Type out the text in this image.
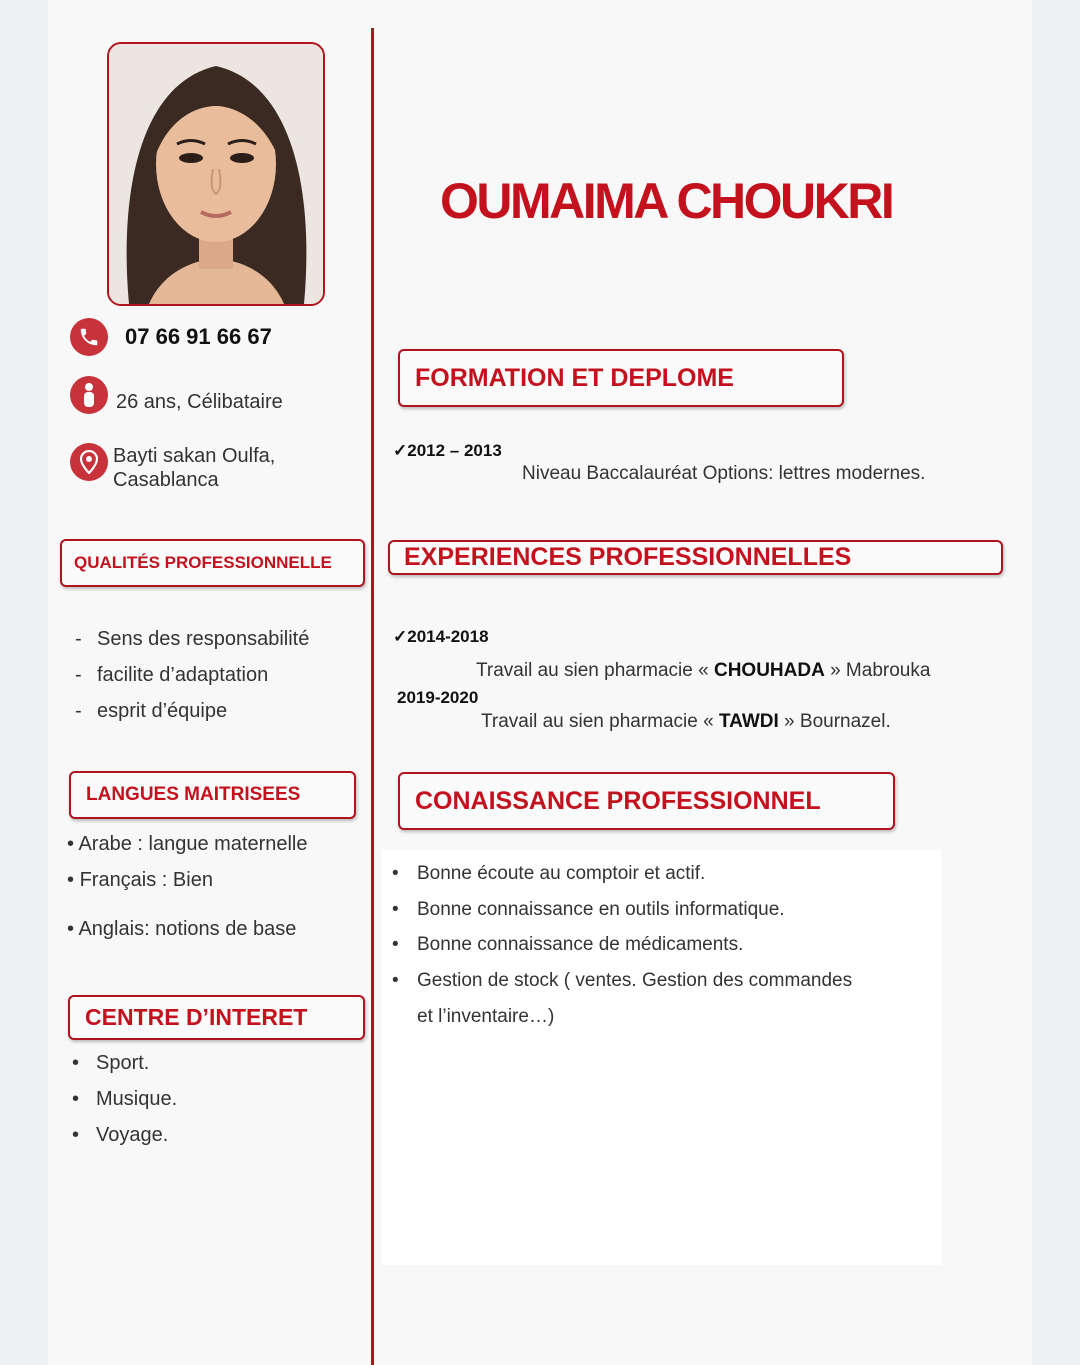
OUMAIMA CHOUKRI
07 66 91 66 67
26 ans, Célibataire
Bayti sakan Oulfa,
Casablanca
QUALITÉS PROFESSIONNELLE
- Sens des responsabilité
- facilite d’adaptation
- esprit d’équipe
LANGUES MAITRISEES
• Arabe : langue maternelle
• Français : Bien
• Anglais: notions de base
CENTRE D’INTERET
• Sport.
• Musique.
• Voyage.
FORMATION ET DEPLOME
✓2012 – 2013
Niveau Baccalauréat Options: lettres modernes.
EXPERIENCES PROFESSIONNELLES
✓2014-2018
Travail au sien pharmacie « CHOUHADA » Mabrouka
2019-2020
Travail au sien pharmacie « TAWDI » Bournazel.
CONAISSANCE PROFESSIONNEL
• Bonne écoute au comptoir et actif.
• Bonne connaissance en outils informatique.
• Bonne connaissance de médicaments.
• Gestion de stock ( ventes. Gestion des commandes
et l’inventaire…)
